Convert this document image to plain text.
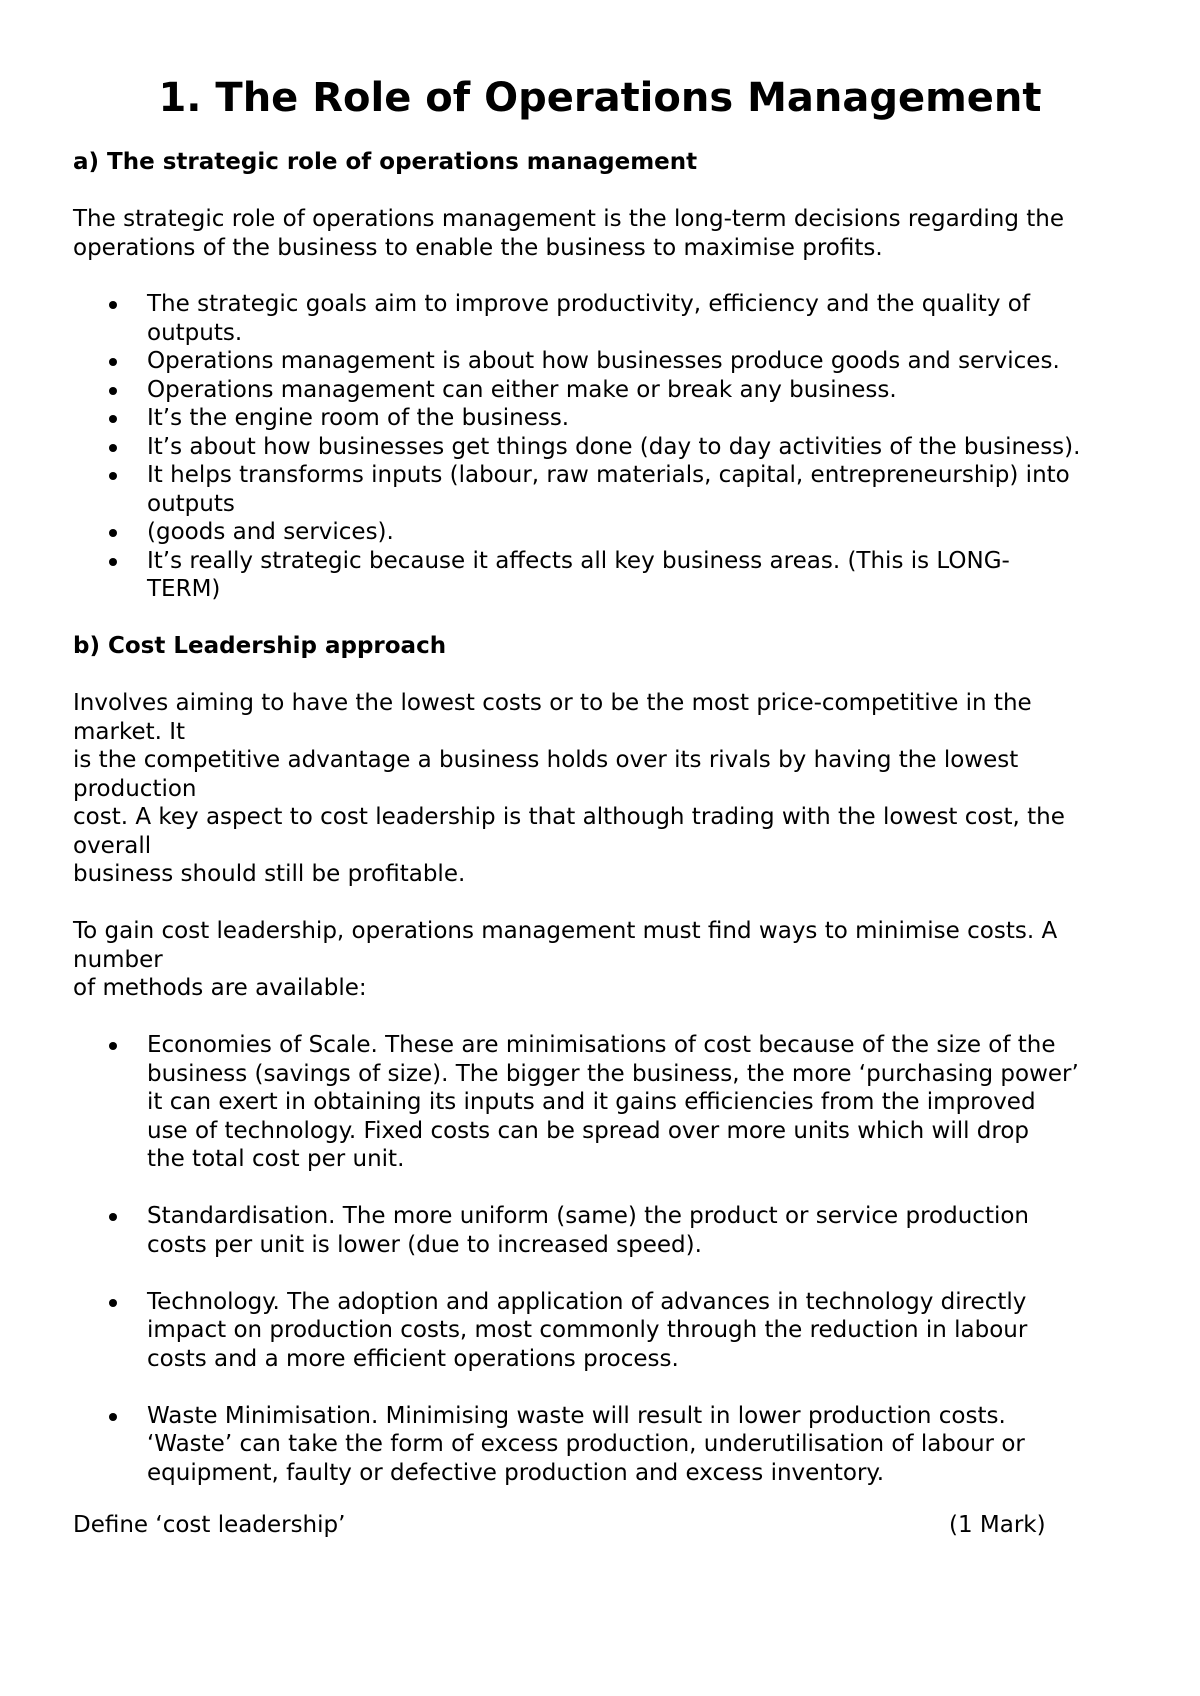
1. The Role of Operations Management
a) The strategic role of operations management

The strategic role of operations management is the long-term decisions regarding the
operations of the business to enable the business to maximise profits.

The strategic goals aim to improve productivity, efficiency and the quality of
outputs.
Operations management is about how businesses produce goods and services.
Operations management can either make or break any business.
It’s the engine room of the business.
It’s about how businesses get things done (day to day activities of the business).
It helps transforms inputs (labour, raw materials, capital, entrepreneurship) into
outputs
(goods and services).
It’s really strategic because it affects all key business areas. (This is LONG-
TERM)
b) Cost Leadership approach

Involves aiming to have the lowest costs or to be the most price-competitive in the
market. It
is the competitive advantage a business holds over its rivals by having the lowest
production
cost. A key aspect to cost leadership is that although trading with the lowest cost, the
overall
business should still be profitable.

To gain cost leadership, operations management must find ways to minimise costs. A
number
of methods are available:

Economies of Scale. These are minimisations of cost because of the size of the
business (savings of size). The bigger the business, the more ‘purchasing power’
it can exert in obtaining its inputs and it gains efficiencies from the improved
use of technology. Fixed costs can be spread over more units which will drop
the total cost per unit.
Standardisation. The more uniform (same) the product or service production
costs per unit is lower (due to increased speed).
Technology. The adoption and application of advances in technology directly
impact on production costs, most commonly through the reduction in labour
costs and a more efficient operations process.
Waste Minimisation. Minimising waste will result in lower production costs.
‘Waste’ can take the form of excess production, underutilisation of labour or
equipment, faulty or defective production and excess inventory.
Define ‘cost leadership’	(1 Mark)
